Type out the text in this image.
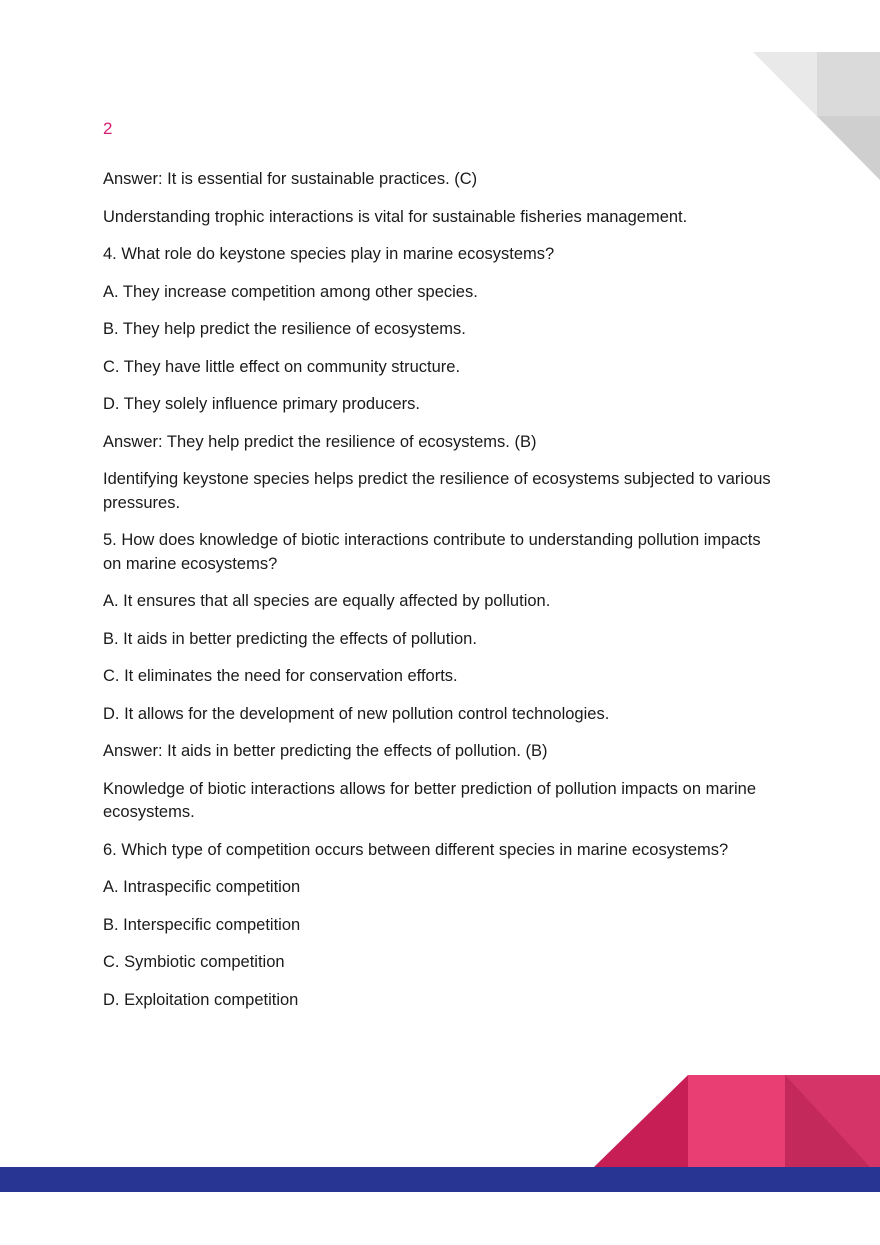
2

Answer: It is essential for sustainable practices. (C)

Understanding trophic interactions is vital for sustainable fisheries management.

4. What role do keystone species play in marine ecosystems?

A. They increase competition among other species.

B. They help predict the resilience of ecosystems.

C. They have little effect on community structure.

D. They solely influence primary producers.

Answer: They help predict the resilience of ecosystems. (B)

Identifying keystone species helps predict the resilience of ecosystems subjected to various pressures.

5. How does knowledge of biotic interactions contribute to understanding pollution impacts on marine ecosystems?

A. It ensures that all species are equally affected by pollution.

B. It aids in better predicting the effects of pollution.

C. It eliminates the need for conservation efforts.

D. It allows for the development of new pollution control technologies.

Answer: It aids in better predicting the effects of pollution. (B)

Knowledge of biotic interactions allows for better prediction of pollution impacts on marine ecosystems.

6. Which type of competition occurs between different species in marine ecosystems?

A. Intraspecific competition

B. Interspecific competition

C. Symbiotic competition

D. Exploitation competition
